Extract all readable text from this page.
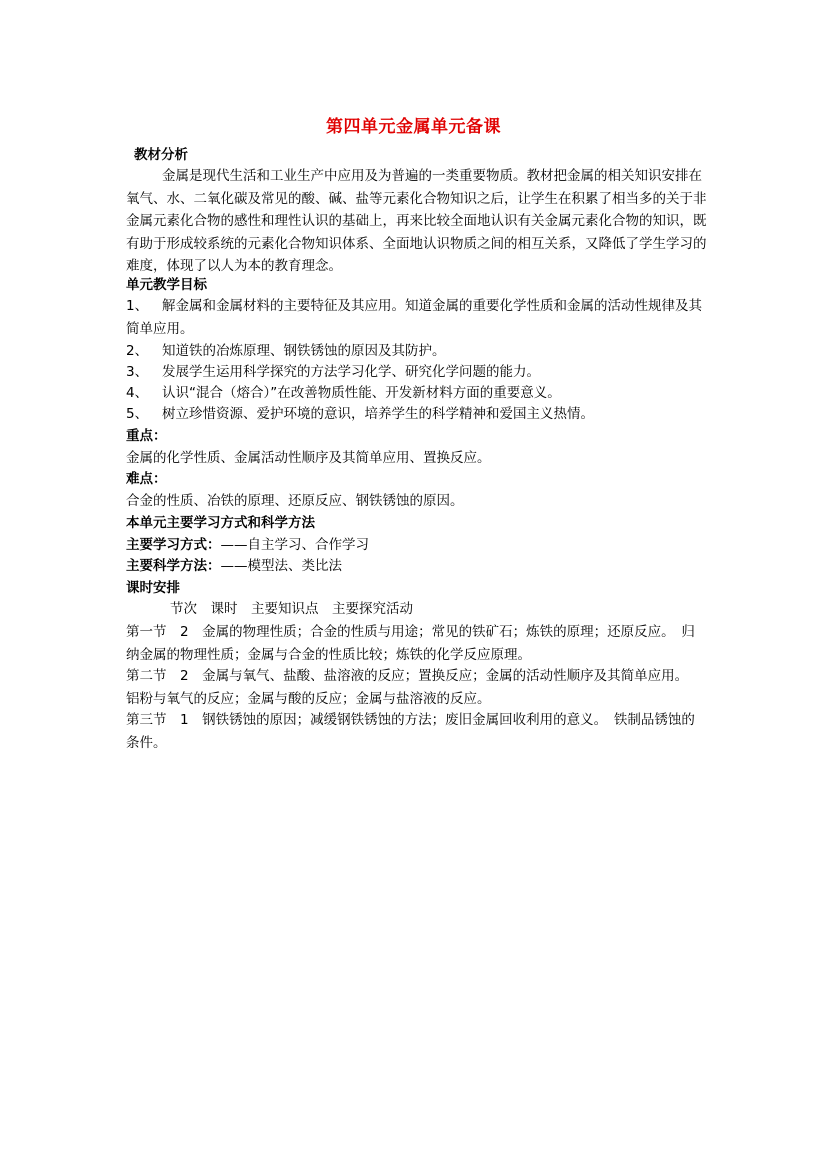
第四单元金属单元备课
教材分析
金属是现代生活和工业生产中应用及为普遍的一类重要物质。教材把金属的相关知识安排在氧气、水、二氧化碳及常见的酸、碱、盐等元素化合物知识之后，让学生在积累了相当多的关于非金属元素化合物的感性和理性认识的基础上，再来比较全面地认识有关金属元素化合物的知识，既有助于形成较系统的元素化合物知识体系、全面地认识物质之间的相互关系，又降低了学生学习的难度，体现了以人为本的教育理念。
单元教学目标
1、 解金属和金属材料的主要特征及其应用。知道金属的重要化学性质和金属的活动性规律及其简单应用。
2、 知道铁的冶炼原理、钢铁锈蚀的原因及其防护。
3、 发展学生运用科学探究的方法学习化学、研究化学问题的能力。
4、 认识“混合（熔合）”在改善物质性能、开发新材料方面的重要意义。
5、 树立珍惜资源、爱护环境的意识，培养学生的科学精神和爱国主义热情。
重点：
金属的化学性质、金属活动性顺序及其简单应用、置换反应。
难点：
合金的性质、冶铁的原理、还原反应、钢铁锈蚀的原因。
本单元主要学习方式和科学方法
主要学习方式：——自主学习、合作学习
主要科学方法：——模型法、类比法
课时安排
节次　课时　主要知识点　主要探究活动
第一节　2　金属的物理性质；合金的性质与用途；常见的铁矿石；炼铁的原理；还原反应。　归纳金属的物理性质；金属与合金的性质比较；炼铁的化学反应原理。
第二节　2　金属与氧气、盐酸、盐溶液的反应；置换反应；金属的活动性顺序及其简单应用。　铝粉与氧气的反应；金属与酸的反应；金属与盐溶液的反应。
第三节　1　钢铁锈蚀的原因；减缓钢铁锈蚀的方法；废旧金属回收利用的意义。　铁制品锈蚀的条件。
